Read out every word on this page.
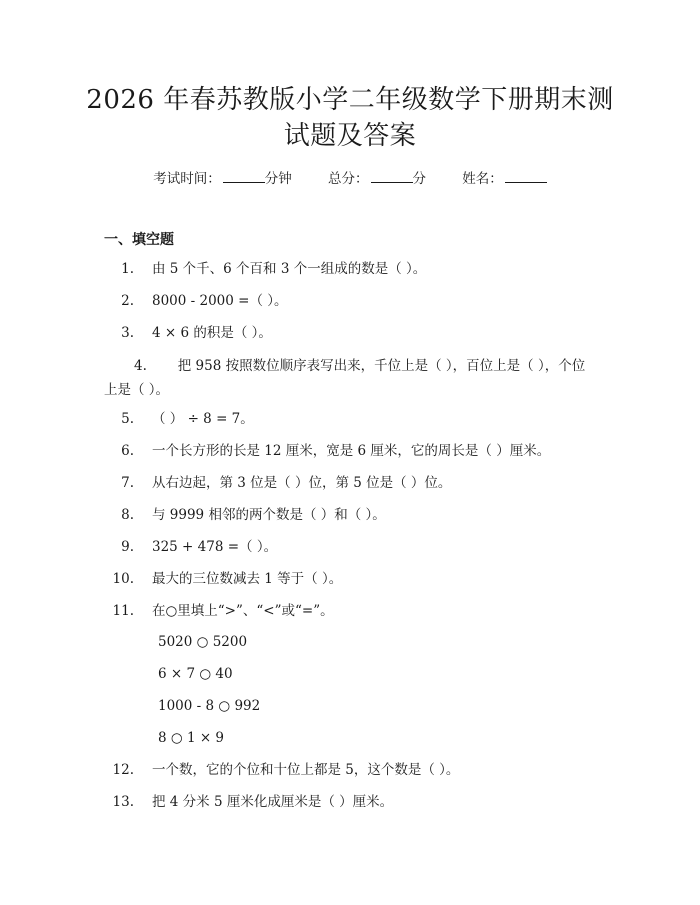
2026 年春苏教版小学二年级数学下册期末测
试题及答案
考试时间：	分钟	总分：	分	姓名：
一、填空题
1. 由 5 个千、6 个百和 3 个一组成的数是（ ）。
2. 8000 - 2000 =（ ）。
3. 4 × 6 的积是（ ）。
4. 把 958 按照数位顺序表写出来，千位上是（ ），百位上是（ ），个位上是（ ）。
5. （ ） ÷ 8 = 7。
6. 一个长方形的长是 12 厘米，宽是 6 厘米，它的周长是（ ）厘米。
7. 从右边起，第 3 位是（ ）位，第 5 位是（ ）位。
8. 与 9999 相邻的两个数是（ ）和（ ）。
9. 325 + 478 =（ ）。
10. 最大的三位数减去 1 等于（ ）。
11. 在○里填上“>”、“<”或“=”。
5020 ○ 5200
6 × 7 ○ 40
1000 - 8 ○ 992
8 ○ 1 × 9
12. 一个数，它的个位和十位上都是 5，这个数是（ ）。
13. 把 4 分米 5 厘米化成厘米是（ ）厘米。
